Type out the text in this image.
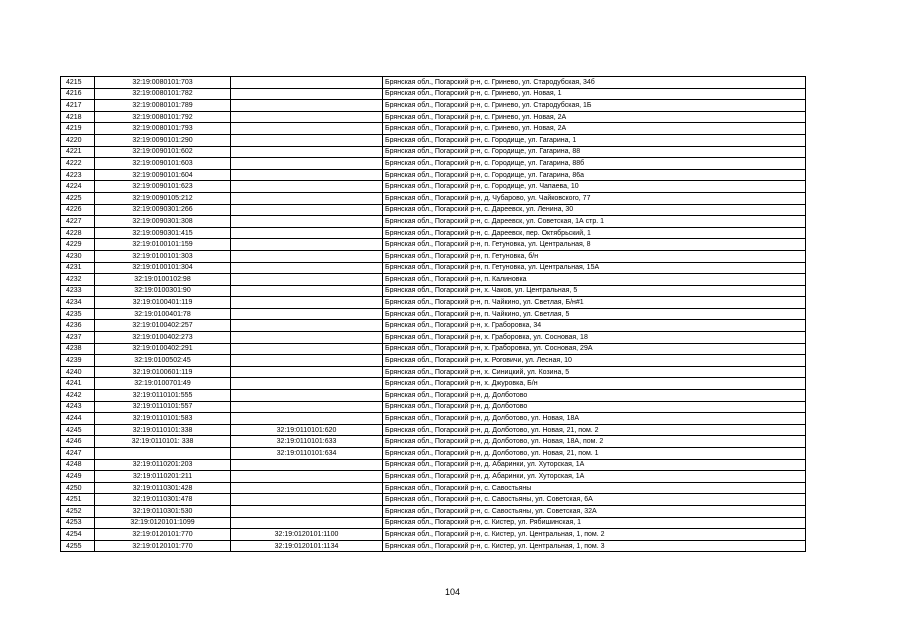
4215	32:19:0080101:703		Брянская обл., Погарский р-н, с. Гринево, ул. Стародубская, 34б
4216	32:19:0080101:782		Брянская обл., Погарский р-н, с. Гринево, ул. Новая, 1
4217	32:19:0080101:789		Брянская обл., Погарский р-н, с. Гринево, ул. Стародубская, 1Б
4218	32:19:0080101:792		Брянская обл., Погарский р-н, с. Гринево, ул. Новая, 2А
4219	32:19:0080101:793		Брянская обл., Погарский р-н, с. Гринево, ул. Новая, 2А
4220	32:19:0090101:290		Брянская обл., Погарский р-н, с. Городище, ул. Гагарина, 1
4221	32:19:0090101:602		Брянская обл., Погарский р-н, с. Городище, ул. Гагарина, 88
4222	32:19:0090101:603		Брянская обл., Погарский р-н, с. Городище, ул. Гагарина, 88б
4223	32:19:0090101:604		Брянская обл., Погарский р-н, с. Городище, ул. Гагарина, 86а
4224	32:19:0090101:623		Брянская обл., Погарский р-н, с. Городище, ул. Чапаева, 10
4225	32:19:0090105:212		Брянская обл., Погарский р-н, д. Чубарово, ул. Чайковского, 77
4226	32:19:0090301:266		Брянская обл., Погарский р-н, с. Дареевск, ул. Ленина, 30
4227	32:19:0090301:308		Брянская обл., Погарский р-н, с. Дареевск, ул. Советская, 1А стр. 1
4228	32:19:0090301:415		Брянская обл., Погарский р-н, с. Дареевск, пер. Октябрьский, 1
4229	32:19:0100101:159		Брянская обл., Погарский р-н, п. Гетуновка, ул. Центральная, 8
4230	32:19:0100101:303		Брянская обл., Погарский р-н, п. Гетуновка, б/н
4231	32:19:0100101:304		Брянская обл., Погарский р-н, п. Гетуновка, ул. Центральная, 15А
4232	32:19:0100102:98		Брянская обл., Погарский р-н, п. Калиновка
4233	32:19:0100301:90		Брянская обл., Погарский р-н, х. Чаков, ул. Центральная, 5
4234	32:19:0100401:119		Брянская обл., Погарский р-н, п. Чайкино, ул. Светлая, Б/н#1
4235	32:19:0100401:78		Брянская обл., Погарский р-н, п. Чайкино, ул. Светлая, 5
4236	32:19:0100402:257		Брянская обл., Погарский р-н, х. Граборовка, 34
4237	32:19:0100402:273		Брянская обл., Погарский р-н, х. Граборовка, ул. Сосновая, 18
4238	32:19:0100402:291		Брянская обл., Погарский р-н, х. Граборовка, ул. Сосновая, 29А
4239	32:19:0100502:45		Брянская обл., Погарский р-н, х. Роговичи, ул. Лесная, 10
4240	32:19:0100601:119		Брянская обл., Погарский р-н, х. Синицкий, ул. Козина, 5
4241	32:19:0100701:49		Брянская обл., Погарский р-н, х. Джуровка, Б/н
4242	32:19:0110101:555		Брянская обл., Погарский р-н, д. Долботово
4243	32:19:0110101:557		Брянская обл., Погарский р-н, д. Долботово
4244	32:19:0110101:583		Брянская обл., Погарский р-н, д. Долботово, ул. Новая, 18А
4245	32:19:0110101:338	32:19:0110101:620	Брянская обл., Погарский р-н, д. Долботово, ул. Новая, 21, пом. 2
4246	32:19:0110101: 338	32:19:0110101:633	Брянская обл., Погарский р-н, д. Долботово, ул. Новая, 18А, пом. 2
4247		32:19:0110101:634	Брянская обл., Погарский р-н, д. Долботово, ул. Новая, 21, пом. 1
4248	32:19:0110201:203		Брянская обл., Погарский р-н, д. Абаринки, ул. Хуторская, 1А
4249	32:19:0110201:211		Брянская обл., Погарский р-н, д. Абаринки, ул. Хуторская, 1А
4250	32:19:0110301:428		Брянская обл., Погарский р-н, с. Савостьяны
4251	32:19:0110301:478		Брянская обл., Погарский р-н, с. Савостьяны, ул. Советская, 6А
4252	32:19:0110301:530		Брянская обл., Погарский р-н, с. Савостьяны, ул. Советская, 32А
4253	32:19:0120101:1099		Брянская обл., Погарский р-н, с. Кистер, ул. Рябишинская, 1
4254	32:19:0120101:770	32:19:0120101:1100	Брянская обл., Погарский р-н, с. Кистер, ул. Центральная, 1, пом. 2
4255	32:19:0120101:770	32:19:0120101:1134	Брянская обл., Погарский р-н, с. Кистер, ул. Центральная, 1, пом. 3
104
